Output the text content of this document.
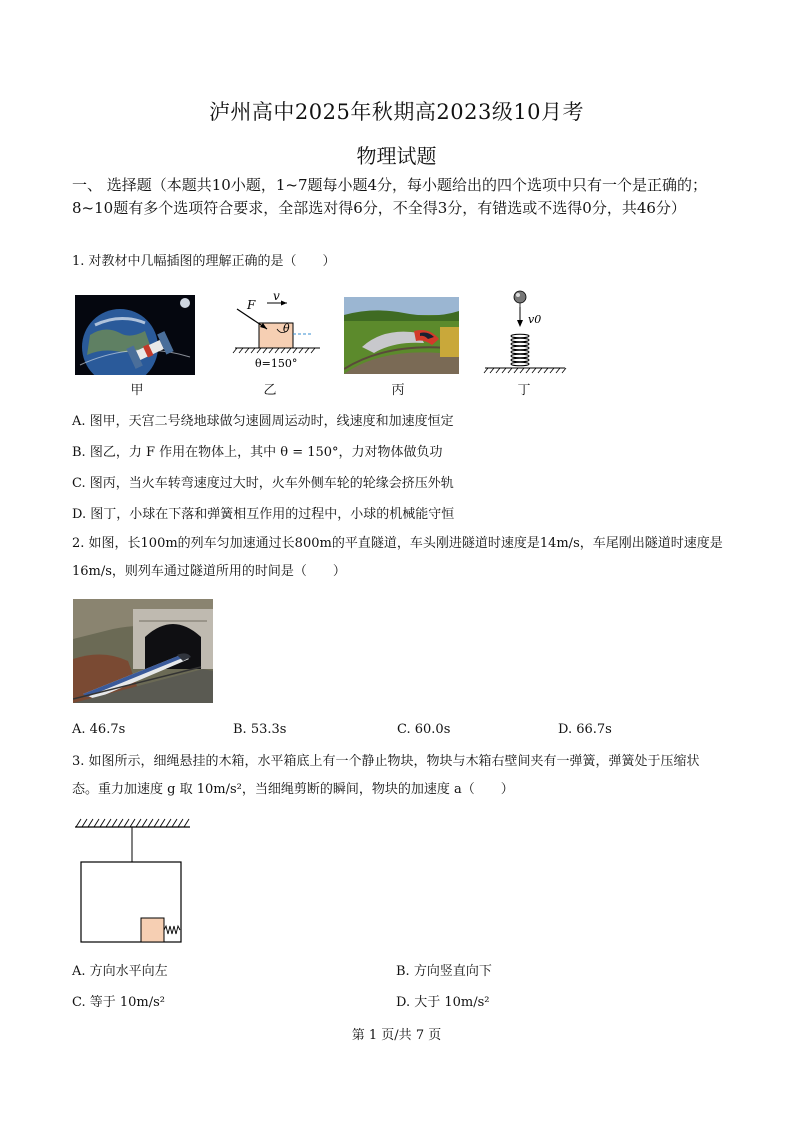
泸州高中2025年秋期高2023级10月考
物理试题
一、 选择题（本题共10小题，1~7题每小题4分，每小题给出的四个选项中只有一个是正确的；8~10题有多个选项符合要求，全部选对得6分，不全得3分，有错选或不选得0分，共46分）
1. 对教材中几幅插图的理解正确的是（　　）
甲
F
v
θ
θ=150°
乙	丙
v0
丁
A. 图甲，天宫二号绕地球做匀速圆周运动时，线速度和加速度恒定
B. 图乙，力 F 作用在物体上，其中 θ = 150°，力对物体做负功
C. 图丙，当火车转弯速度过大时，火车外侧车轮的轮缘会挤压外轨
D. 图丁，小球在下落和弹簧相互作用的过程中，小球的机械能守恒
2. 如图，长100m的列车匀加速通过长800m的平直隧道，车头刚进隧道时速度是14m/s，车尾刚出隧道时速度是16m/s，则列车通过隧道所用的时间是（　　）
A. 46.7s	B. 53.3s	C. 60.0s	D. 66.7s
3. 如图所示，细绳悬挂的木箱，水平箱底上有一个静止物块，物块与木箱右壁间夹有一弹簧，弹簧处于压缩状态。重力加速度 g 取 10m/s²，当细绳剪断的瞬间，物块的加速度 a（　　）
A. 方向水平向左	B. 方向竖直向下
C. 等于 10m/s²	D. 大于 10m/s²
第 1 页/共 7 页
